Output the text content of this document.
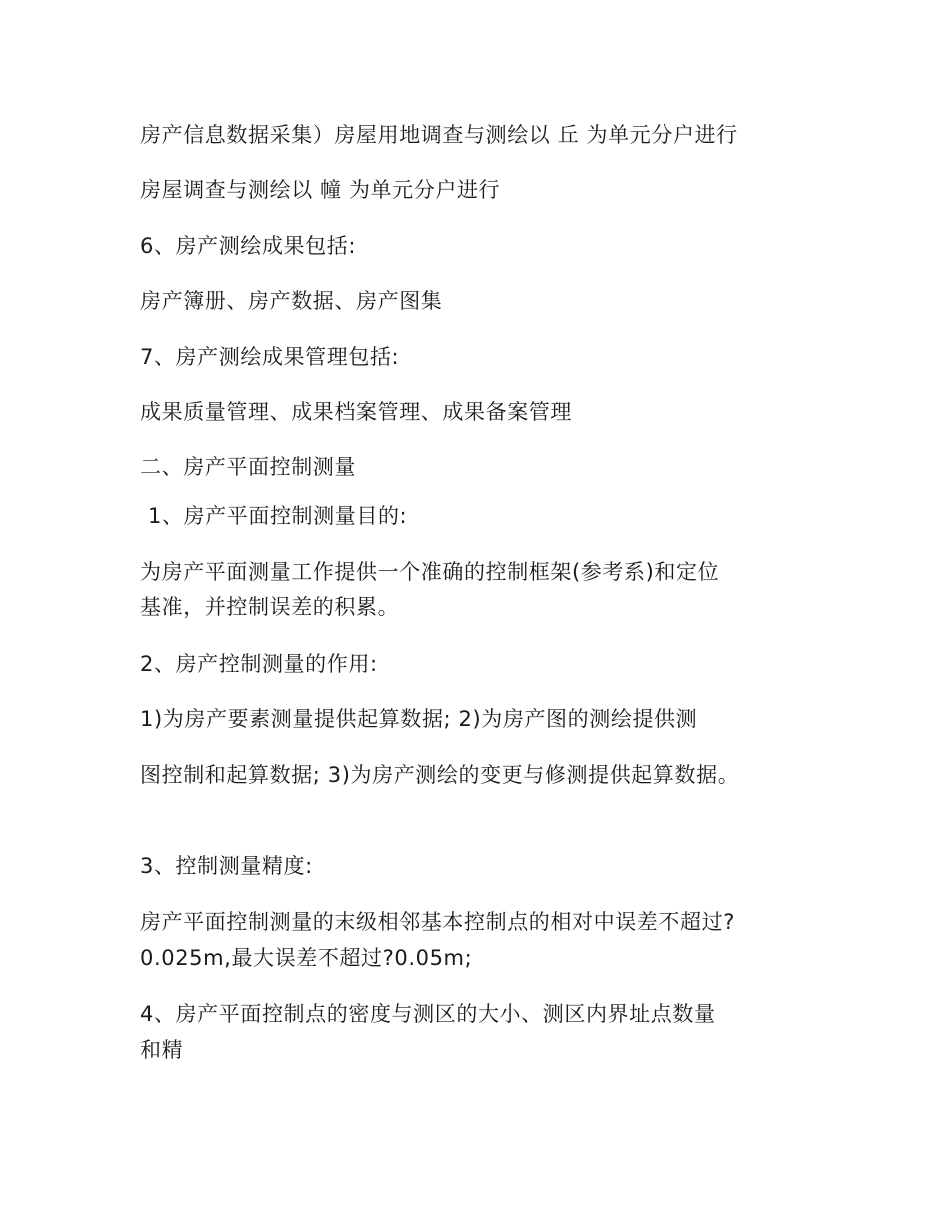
房产信息数据采集）房屋用地调查与测绘以 丘 为单元分户进行
房屋调查与测绘以 幢 为单元分户进行
6、房产测绘成果包括:
房产簿册、房产数据、房产图集
7、房产测绘成果管理包括:
成果质量管理、成果档案管理、成果备案管理
二、房产平面控制测量
1、房产平面控制测量目的:
为房产平面测量工作提供一个准确的控制框架(参考系)和定位
基准，并控制误差的积累。
2、房产控制测量的作用:
1)为房产要素测量提供起算数据; 2)为房产图的测绘提供测
图控制和起算数据; 3)为房产测绘的变更与修测提供起算数据。
3、控制测量精度:
房产平面控制测量的末级相邻基本控制点的相对中误差不超过?
0.025m,最大误差不超过?0.05m;
4、房产平面控制点的密度与测区的大小、测区内界址点数量
和精
